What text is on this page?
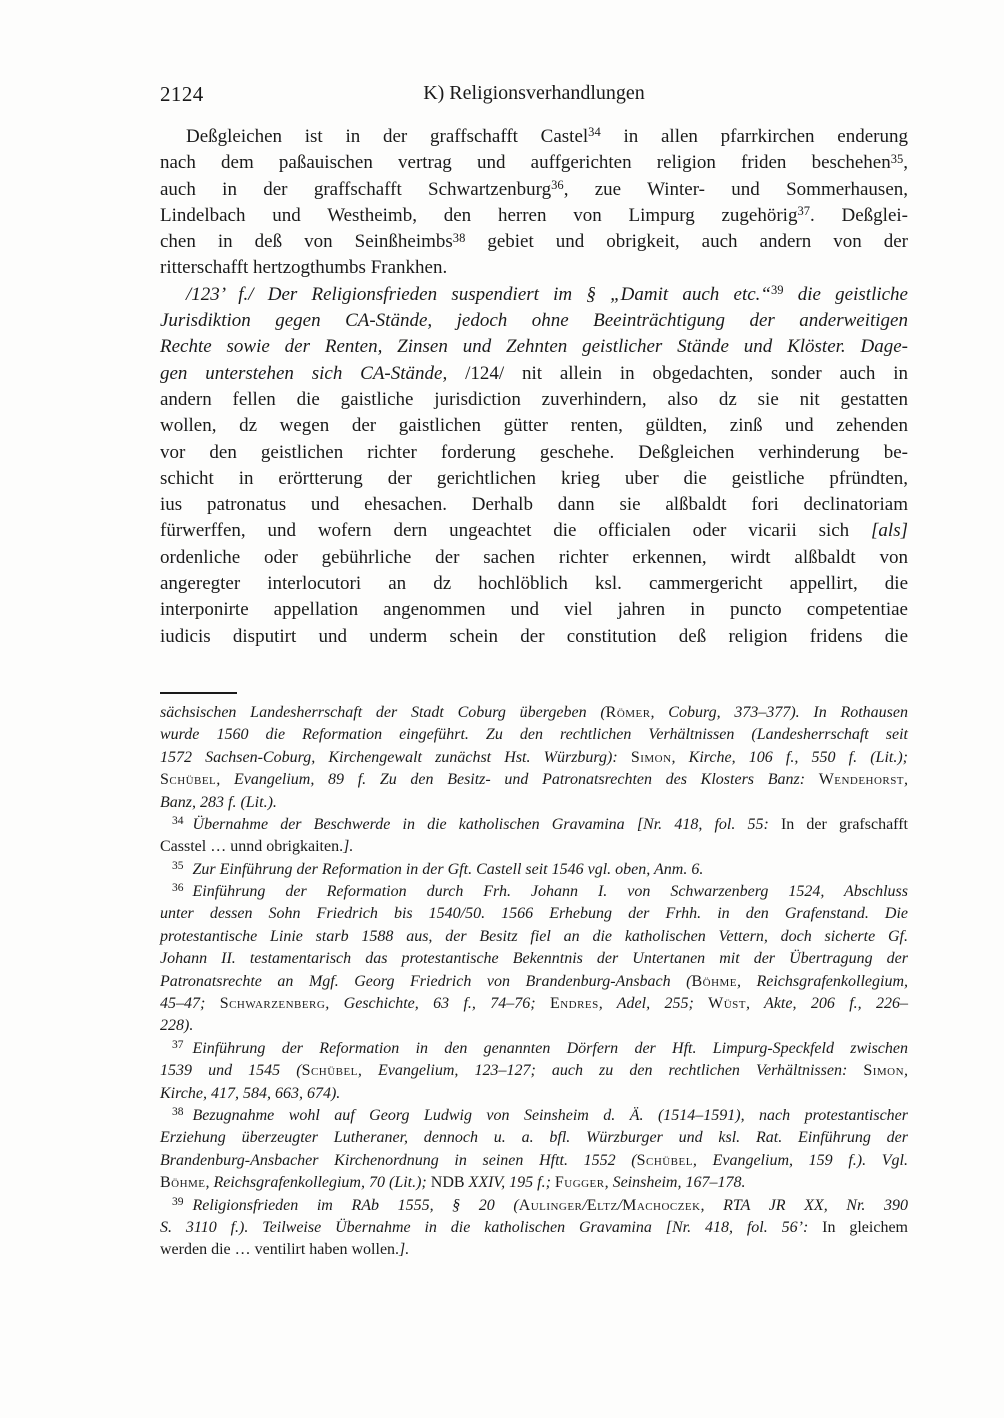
2124	K) Religionsverhandlungen
Deßgleichen ist in der graffschafft Castel$^{34}$ in allen pfarrkirchen enderung
nach dem paßauischen vertrag und auffgerichten religion friden beschehen$^{35}$,
auch in der graffschafft Schwartzenburg$^{36}$, zue Winter- und Sommerhausen,
Lindelbach und Westheimb, den herren von Limpurg zugehörig$^{37}$. Deßglei-
chen in deß von Seinßheimbs$^{38}$ gebiet und obrigkeit, auch andern von der
ritterschafft hertzogthumbs Frankhen.
/123’ f./ Der Religionsfrieden suspendiert im § „Damit auch etc.“$^{39}$ die geistliche
Jurisdiktion gegen CA-Stände, jedoch ohne Beeinträchtigung der anderweitigen
Rechte sowie der Renten, Zinsen und Zehnten geistlicher Stände und Klöster. Dage-
gen unterstehen sich CA-Stände, /124/ nit allein in obgedachten, sonder auch in
andern fellen die gaistliche jurisdiction zuverhindern, also dz sie nit gestatten
wollen, dz wegen der gaistlichen gütter renten, güldten, zinß und zehenden
vor den geistlichen richter forderung geschehe. Deßgleichen verhinderung be-
schicht in erörtterung der gerichtlichen krieg uber die geistliche pfründten,
ius patronatus und ehesachen. Derhalb dann sie alßbaldt fori declinatoriam
fürwerffen, und wofern dern ungeachtet die officialen oder vicarii sich [als]
ordenliche oder gebührliche der sachen richter erkennen, wirdt alßbaldt von
angeregter interlocutori an dz hochlöblich ksl. cammergericht appellirt, die
interponirte appellation angenommen und viel jahren in puncto competentiae
iudicis disputirt und underm schein der constitution deß religion fridens die
sächsischen Landesherrschaft der Stadt Coburg übergeben (Römer, Coburg, 373–377). In Rothausen
wurde 1560 die Reformation eingeführt. Zu den rechtlichen Verhältnissen (Landesherrschaft seit
1572 Sachsen-Coburg, Kirchengewalt zunächst Hst. Würzburg): Simon, Kirche, 106 f., 550 f. (Lit.);
Schübel, Evangelium, 89 f. Zu den Besitz- und Patronatsrechten des Klosters Banz: Wendehorst,
Banz, 283 f. (Lit.).
$^{34}$ Übernahme der Beschwerde in die katholischen Gravamina [Nr. 418, fol. 55: In der grafschafft
Casstel … unnd obrigkaiten.].
$^{35}$ Zur Einführung der Reformation in der Gft. Castell seit 1546 vgl. oben, Anm. 6.
$^{36}$ Einführung der Reformation durch Frh. Johann I. von Schwarzenberg 1524, Abschluss
unter dessen Sohn Friedrich bis 1540/50. 1566 Erhebung der Frhh. in den Grafenstand. Die
protestantische Linie starb 1588 aus, der Besitz fiel an die katholischen Vettern, doch sicherte Gf.
Johann II. testamentarisch das protestantische Bekenntnis der Untertanen mit der Übertragung der
Patronatsrechte an Mgf. Georg Friedrich von Brandenburg-Ansbach (Böhme, Reichsgrafenkollegium,
45–47; Schwarzenberg, Geschichte, 63 f., 74–76; Endres, Adel, 255; Wüst, Akte, 206 f., 226–
228).
$^{37}$ Einführung der Reformation in den genannten Dörfern der Hft. Limpurg-Speckfeld zwischen
1539 und 1545 (Schübel, Evangelium, 123–127; auch zu den rechtlichen Verhältnissen: Simon,
Kirche, 417, 584, 663, 674).
$^{38}$ Bezugnahme wohl auf Georg Ludwig von Seinsheim d. Ä. (1514–1591), nach protestantischer
Erziehung überzeugter Lutheraner, dennoch u. a. bfl. Würzburger und ksl. Rat. Einführung der
Brandenburg-Ansbacher Kirchenordnung in seinen Hftt. 1552 (Schübel, Evangelium, 159 f.). Vgl.
Böhme, Reichsgrafenkollegium, 70 (Lit.); NDB XXIV, 195 f.; Fugger, Seinsheim, 167–178.
$^{39}$ Religionsfrieden im RAb 1555, § 20 (Aulinger/Eltz/Machoczek, RTA JR XX, Nr. 390
S. 3110 f.). Teilweise Übernahme in die katholischen Gravamina [Nr. 418, fol. 56’: In gleichem
werden die … ventilirt haben wollen.].
